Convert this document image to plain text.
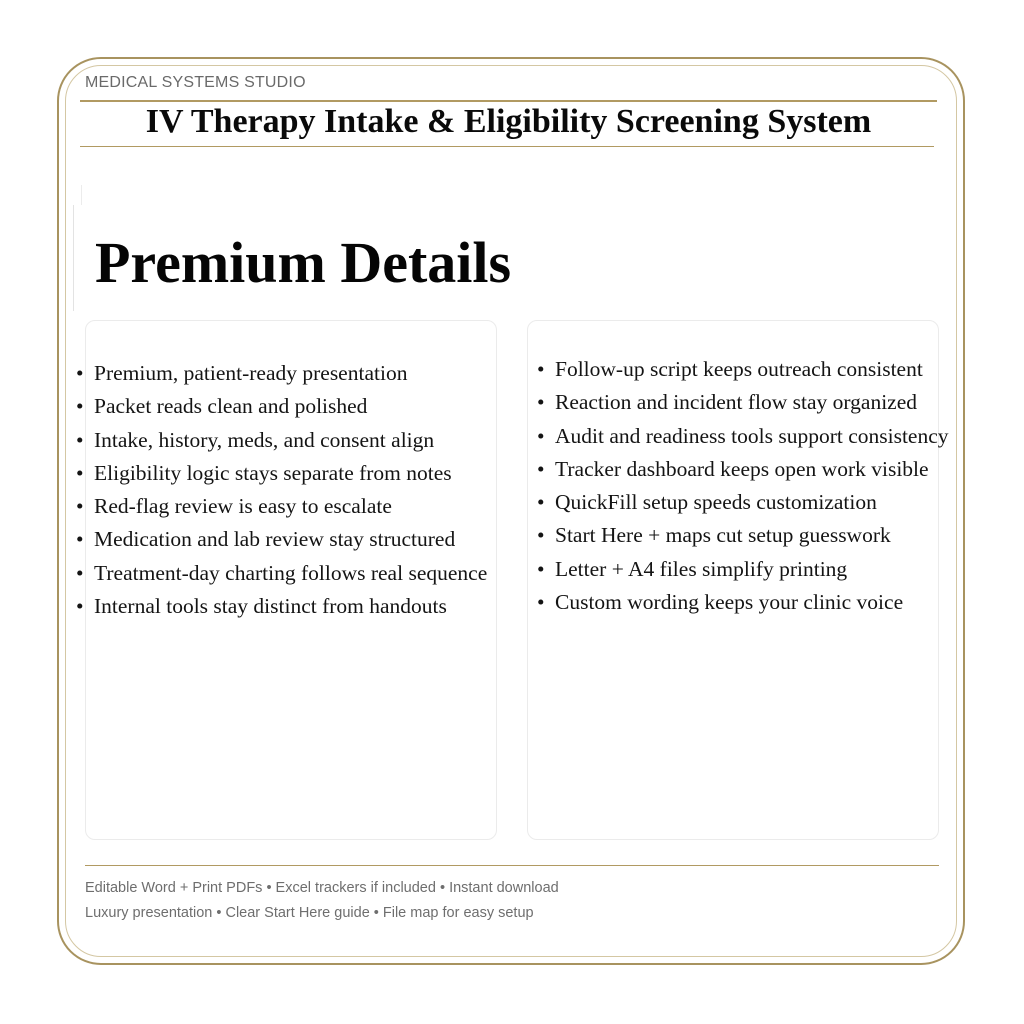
MEDICAL SYSTEMS STUDIO
IV Therapy Intake & Eligibility Screening System
Premium Details
• Premium, patient-ready presentation
• Packet reads clean and polished
• Intake, history, meds, and consent align
• Eligibility logic stays separate from notes
• Red-flag review is easy to escalate
• Medication and lab review stay structured
• Treatment-day charting follows real sequence
• Internal tools stay distinct from handouts
• Follow-up script keeps outreach consistent
• Reaction and incident flow stay organized
• Audit and readiness tools support consistency
• Tracker dashboard keeps open work visible
• QuickFill setup speeds customization
• Start Here + maps cut setup guesswork
• Letter + A4 files simplify printing
• Custom wording keeps your clinic voice
Editable Word + Print PDFs • Excel trackers if included • Instant download
Luxury presentation • Clear Start Here guide • File map for easy setup
